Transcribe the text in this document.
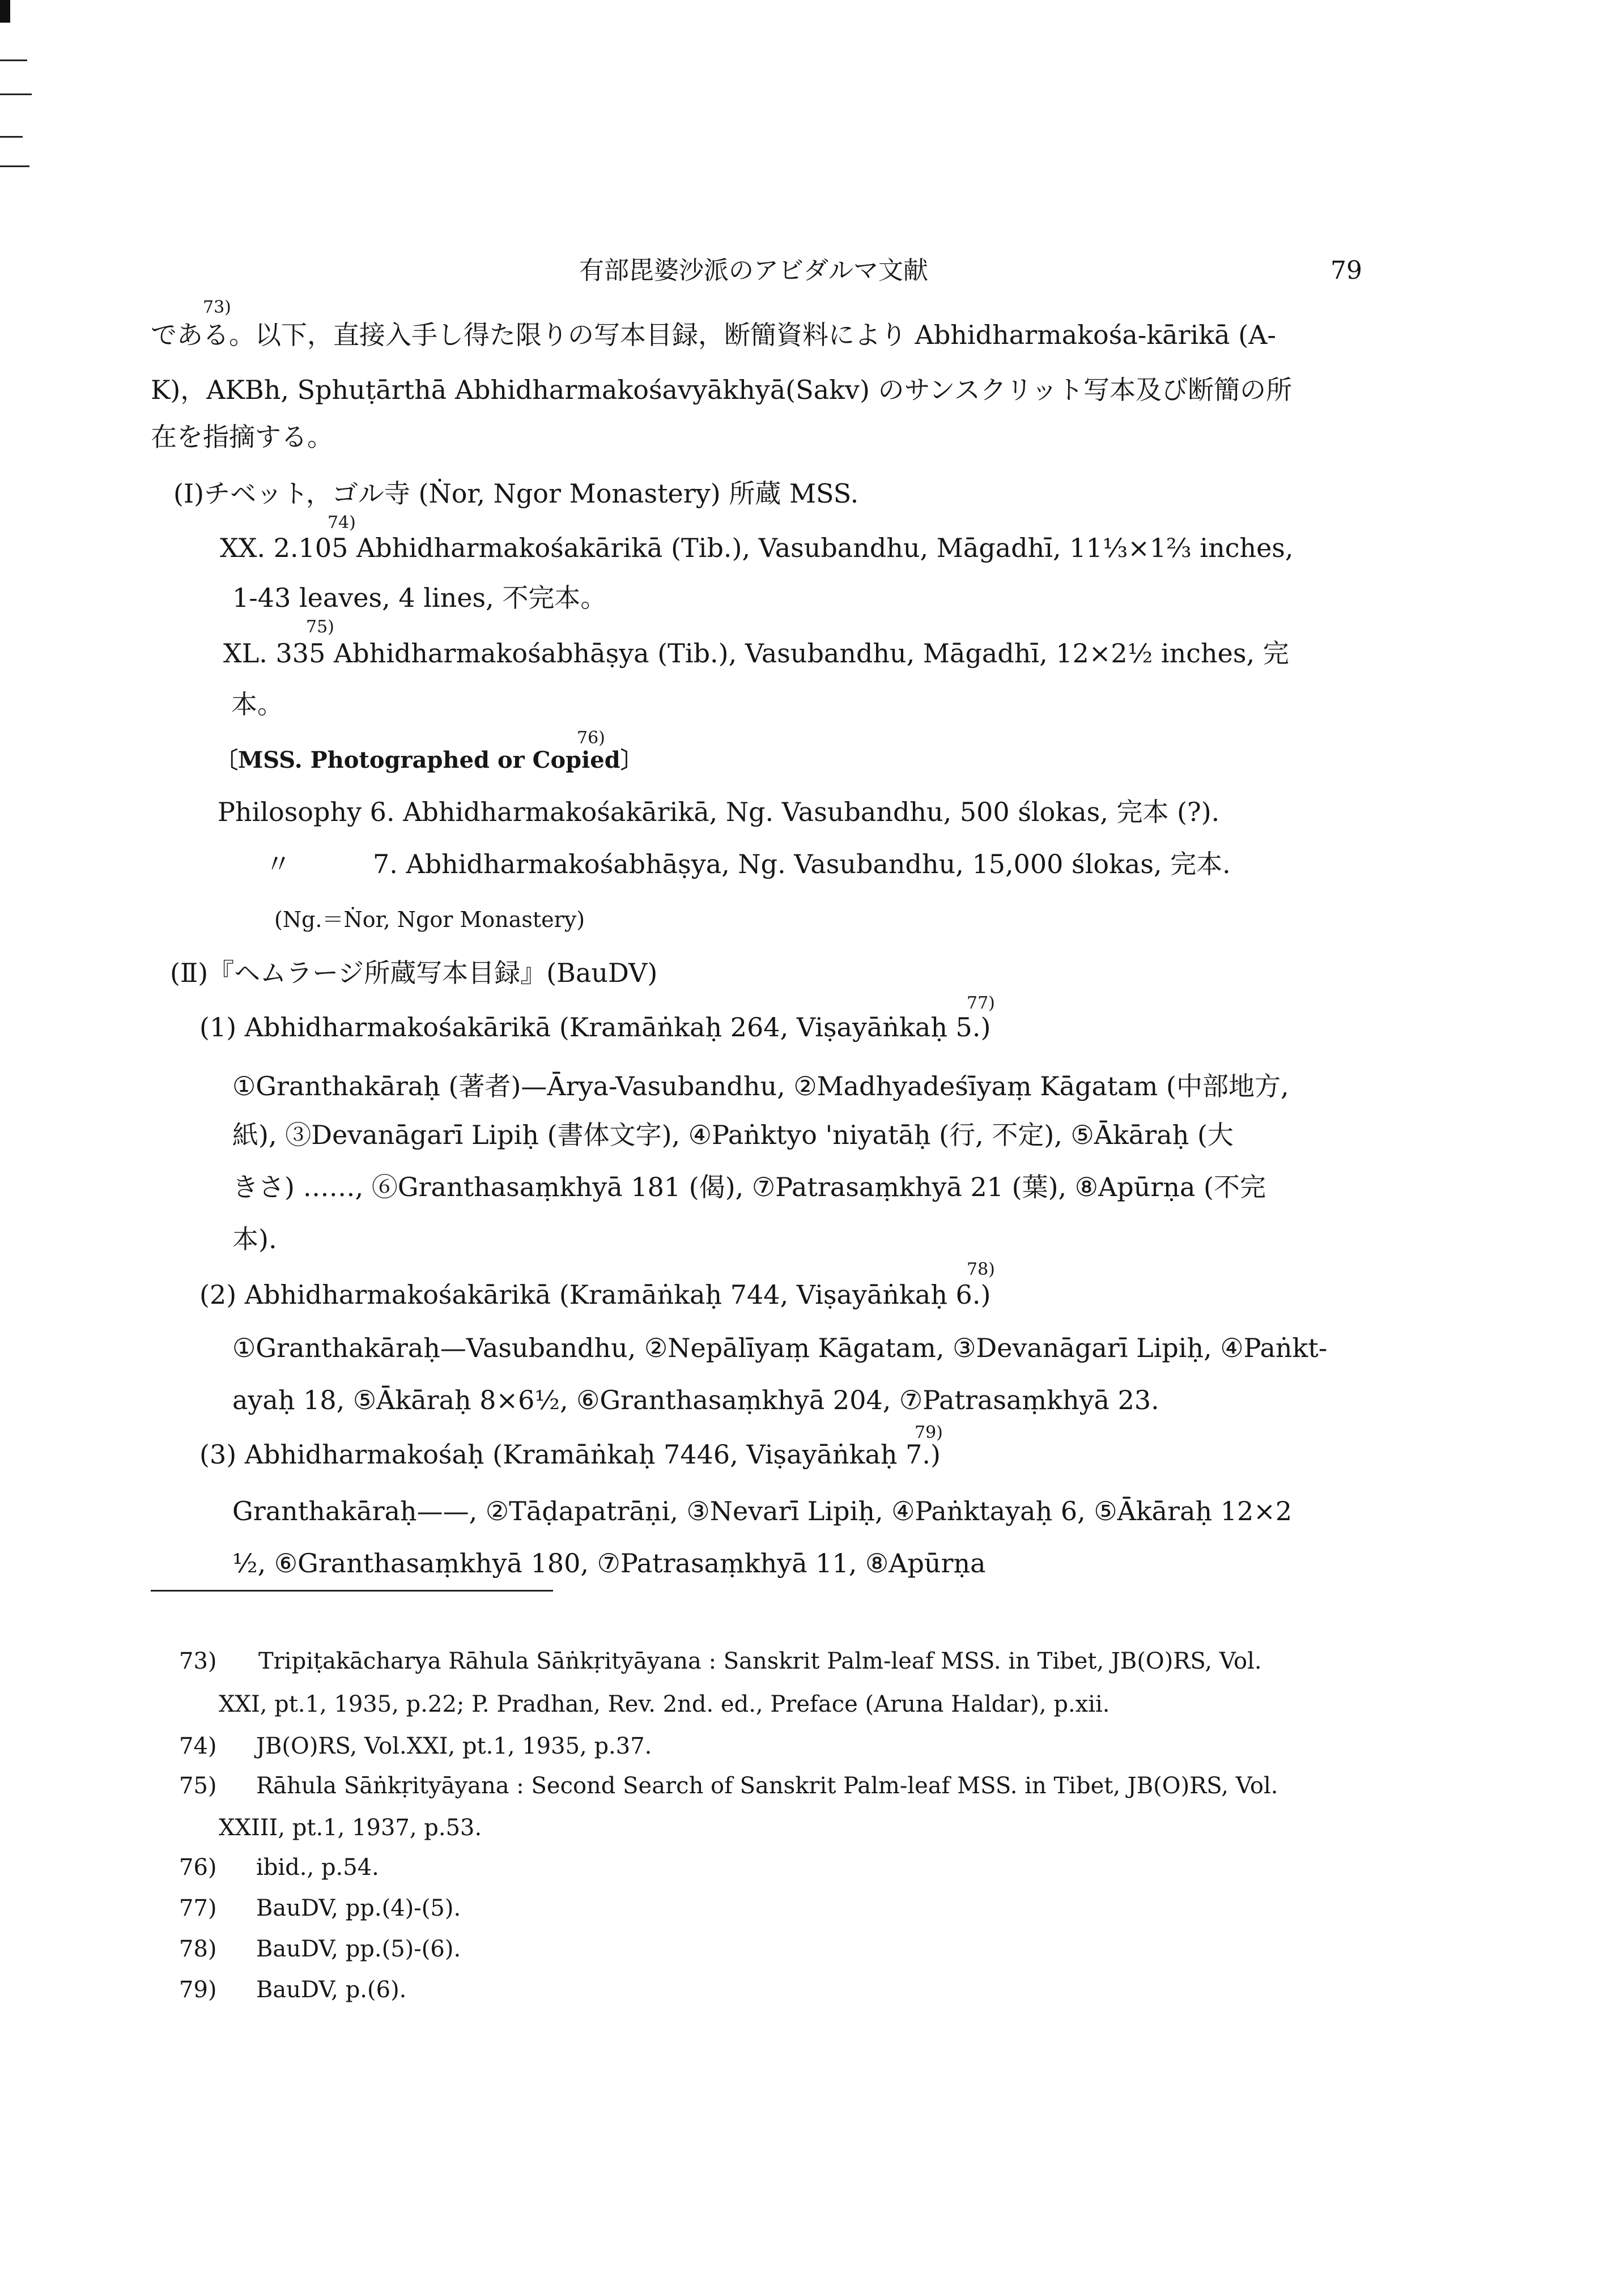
有部毘婆沙派のアビダルマ文献	79
73)
である。以下，直接入手し得た限りの写本目録，断簡資料により Abhidharmakośa-kārikā (A-
K)，AKBh, Sphuṭārthā Abhidharmakośavyākhyā(Sakv) のサンスクリット写本及び断簡の所
在を指摘する。
(Ⅰ)チベット，ゴル寺 (Ṅor, Ngor Monastery) 所蔵 MSS.
74)
XX. 2.105 Abhidharmakośakārikā (Tib.), Vasubandhu, Māgadhī, 11⅓×1⅔ inches,
1-43 leaves, 4 lines, 不完本。
75)
XL. 335 Abhidharmakośabhāṣya (Tib.), Vasubandhu, Māgadhī, 12×2½ inches, 完
本。
76)
〔MSS. Photographed or Copied〕
Philosophy 6. Abhidharmakośakārikā, Ng. Vasubandhu, 500 ślokas, 完本 (?).
〃	7. Abhidharmakośabhāṣya, Ng. Vasubandhu, 15,000 ślokas, 完本.
(Ng.＝Ṅor, Ngor Monastery)
(Ⅱ)『ヘムラージ所蔵写本目録』(BauDV)
77)
(1) Abhidharmakośakārikā (Kramāṅkaḥ 264, Viṣayāṅkaḥ 5.)
①Granthakāraḥ (著者)—Ārya-Vasubandhu, ②Madhyadeśīyaṃ Kāgatam (中部地方,
紙), ③Devanāgarī Lipiḥ (書体文字), ④Paṅktyo 'niyatāḥ (行, 不定), ⑤Ākāraḥ (大
きさ) ……, ⑥Granthasaṃkhyā 181 (偈), ⑦Patrasaṃkhyā 21 (葉), ⑧Apūrṇa (不完
本).
78)
(2) Abhidharmakośakārikā (Kramāṅkaḥ 744, Viṣayāṅkaḥ 6.)
①Granthakāraḥ—Vasubandhu, ②Nepālīyaṃ Kāgatam, ③Devanāgarī Lipiḥ, ④Paṅkt-
ayaḥ 18, ⑤Ākāraḥ 8×6½, ⑥Granthasaṃkhyā 204, ⑦Patrasaṃkhyā 23.
79)
(3) Abhidharmakośaḥ (Kramāṅkaḥ 7446, Viṣayāṅkaḥ 7.)
Granthakāraḥ——, ②Tāḍapatrāṇi, ③Nevarī Lipiḥ, ④Paṅktayaḥ 6, ⑤Ākāraḥ 12×2
½, ⑥Granthasaṃkhyā 180, ⑦Patrasaṃkhyā 11, ⑧Apūrṇa
73) Tripiṭakācharya Rāhula Sāṅkṛityāyana : Sanskrit Palm-leaf MSS. in Tibet, JB(O)RS, Vol.
XXI, pt.1, 1935, p.22; P. Pradhan, Rev. 2nd. ed., Preface (Aruna Haldar), p.xii.
74) JB(O)RS, Vol.XXI, pt.1, 1935, p.37.
75) Rāhula Sāṅkṛityāyana : Second Search of Sanskrit Palm-leaf MSS. in Tibet, JB(O)RS, Vol.
XXIII, pt.1, 1937, p.53.
76) ibid., p.54.
77) BauDV, pp.(4)-(5).
78) BauDV, pp.(5)-(6).
79) BauDV, p.(6).
